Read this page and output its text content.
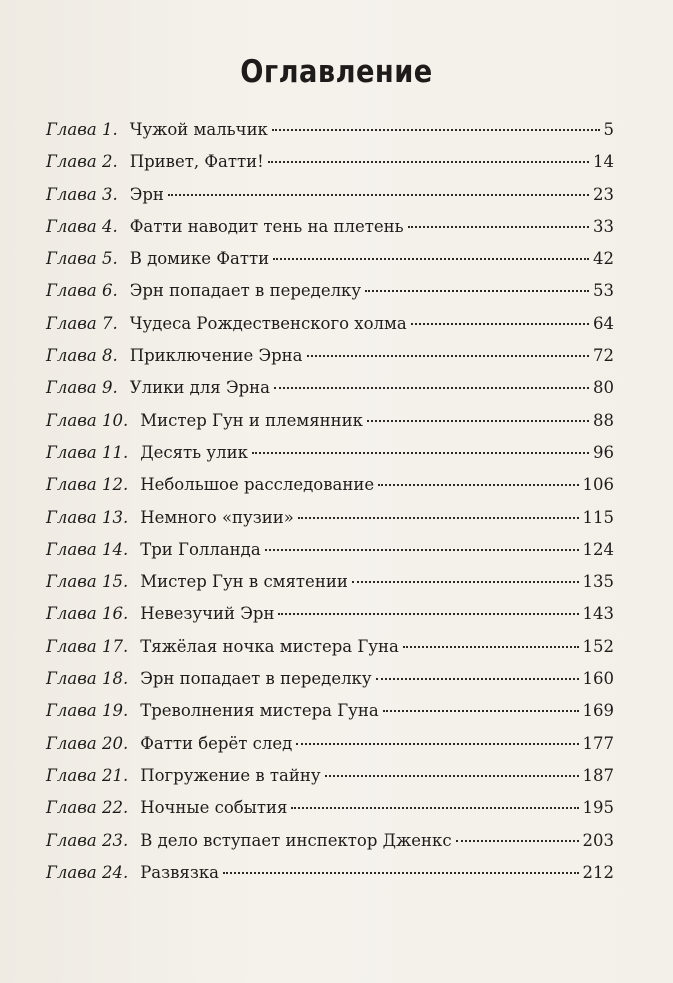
Оглавление
Глава 1. Чужой мальчик	5
Глава 2. Привет, Фатти!	14
Глава 3. Эрн	23
Глава 4. Фатти наводит тень на плетень	33
Глава 5. В домике Фатти	42
Глава 6. Эрн попадает в переделку	53
Глава 7. Чудеса Рождественского холма	64
Глава 8. Приключение Эрна	72
Глава 9. Улики для Эрна	80
Глава 10. Мистер Гун и племянник	88
Глава 11. Десять улик	96
Глава 12. Небольшое расследование	106
Глава 13. Немного «пузии»	115
Глава 14. Три Голланда	124
Глава 15. Мистер Гун в смятении	135
Глава 16. Невезучий Эрн	143
Глава 17. Тяжёлая ночка мистера Гуна	152
Глава 18. Эрн попадает в переделку	160
Глава 19. Треволнения мистера Гуна	169
Глава 20. Фатти берёт след	177
Глава 21. Погружение в тайну	187
Глава 22. Ночные события	195
Глава 23. В дело вступает инспектор Дженкс	203
Глава 24. Развязка	212
